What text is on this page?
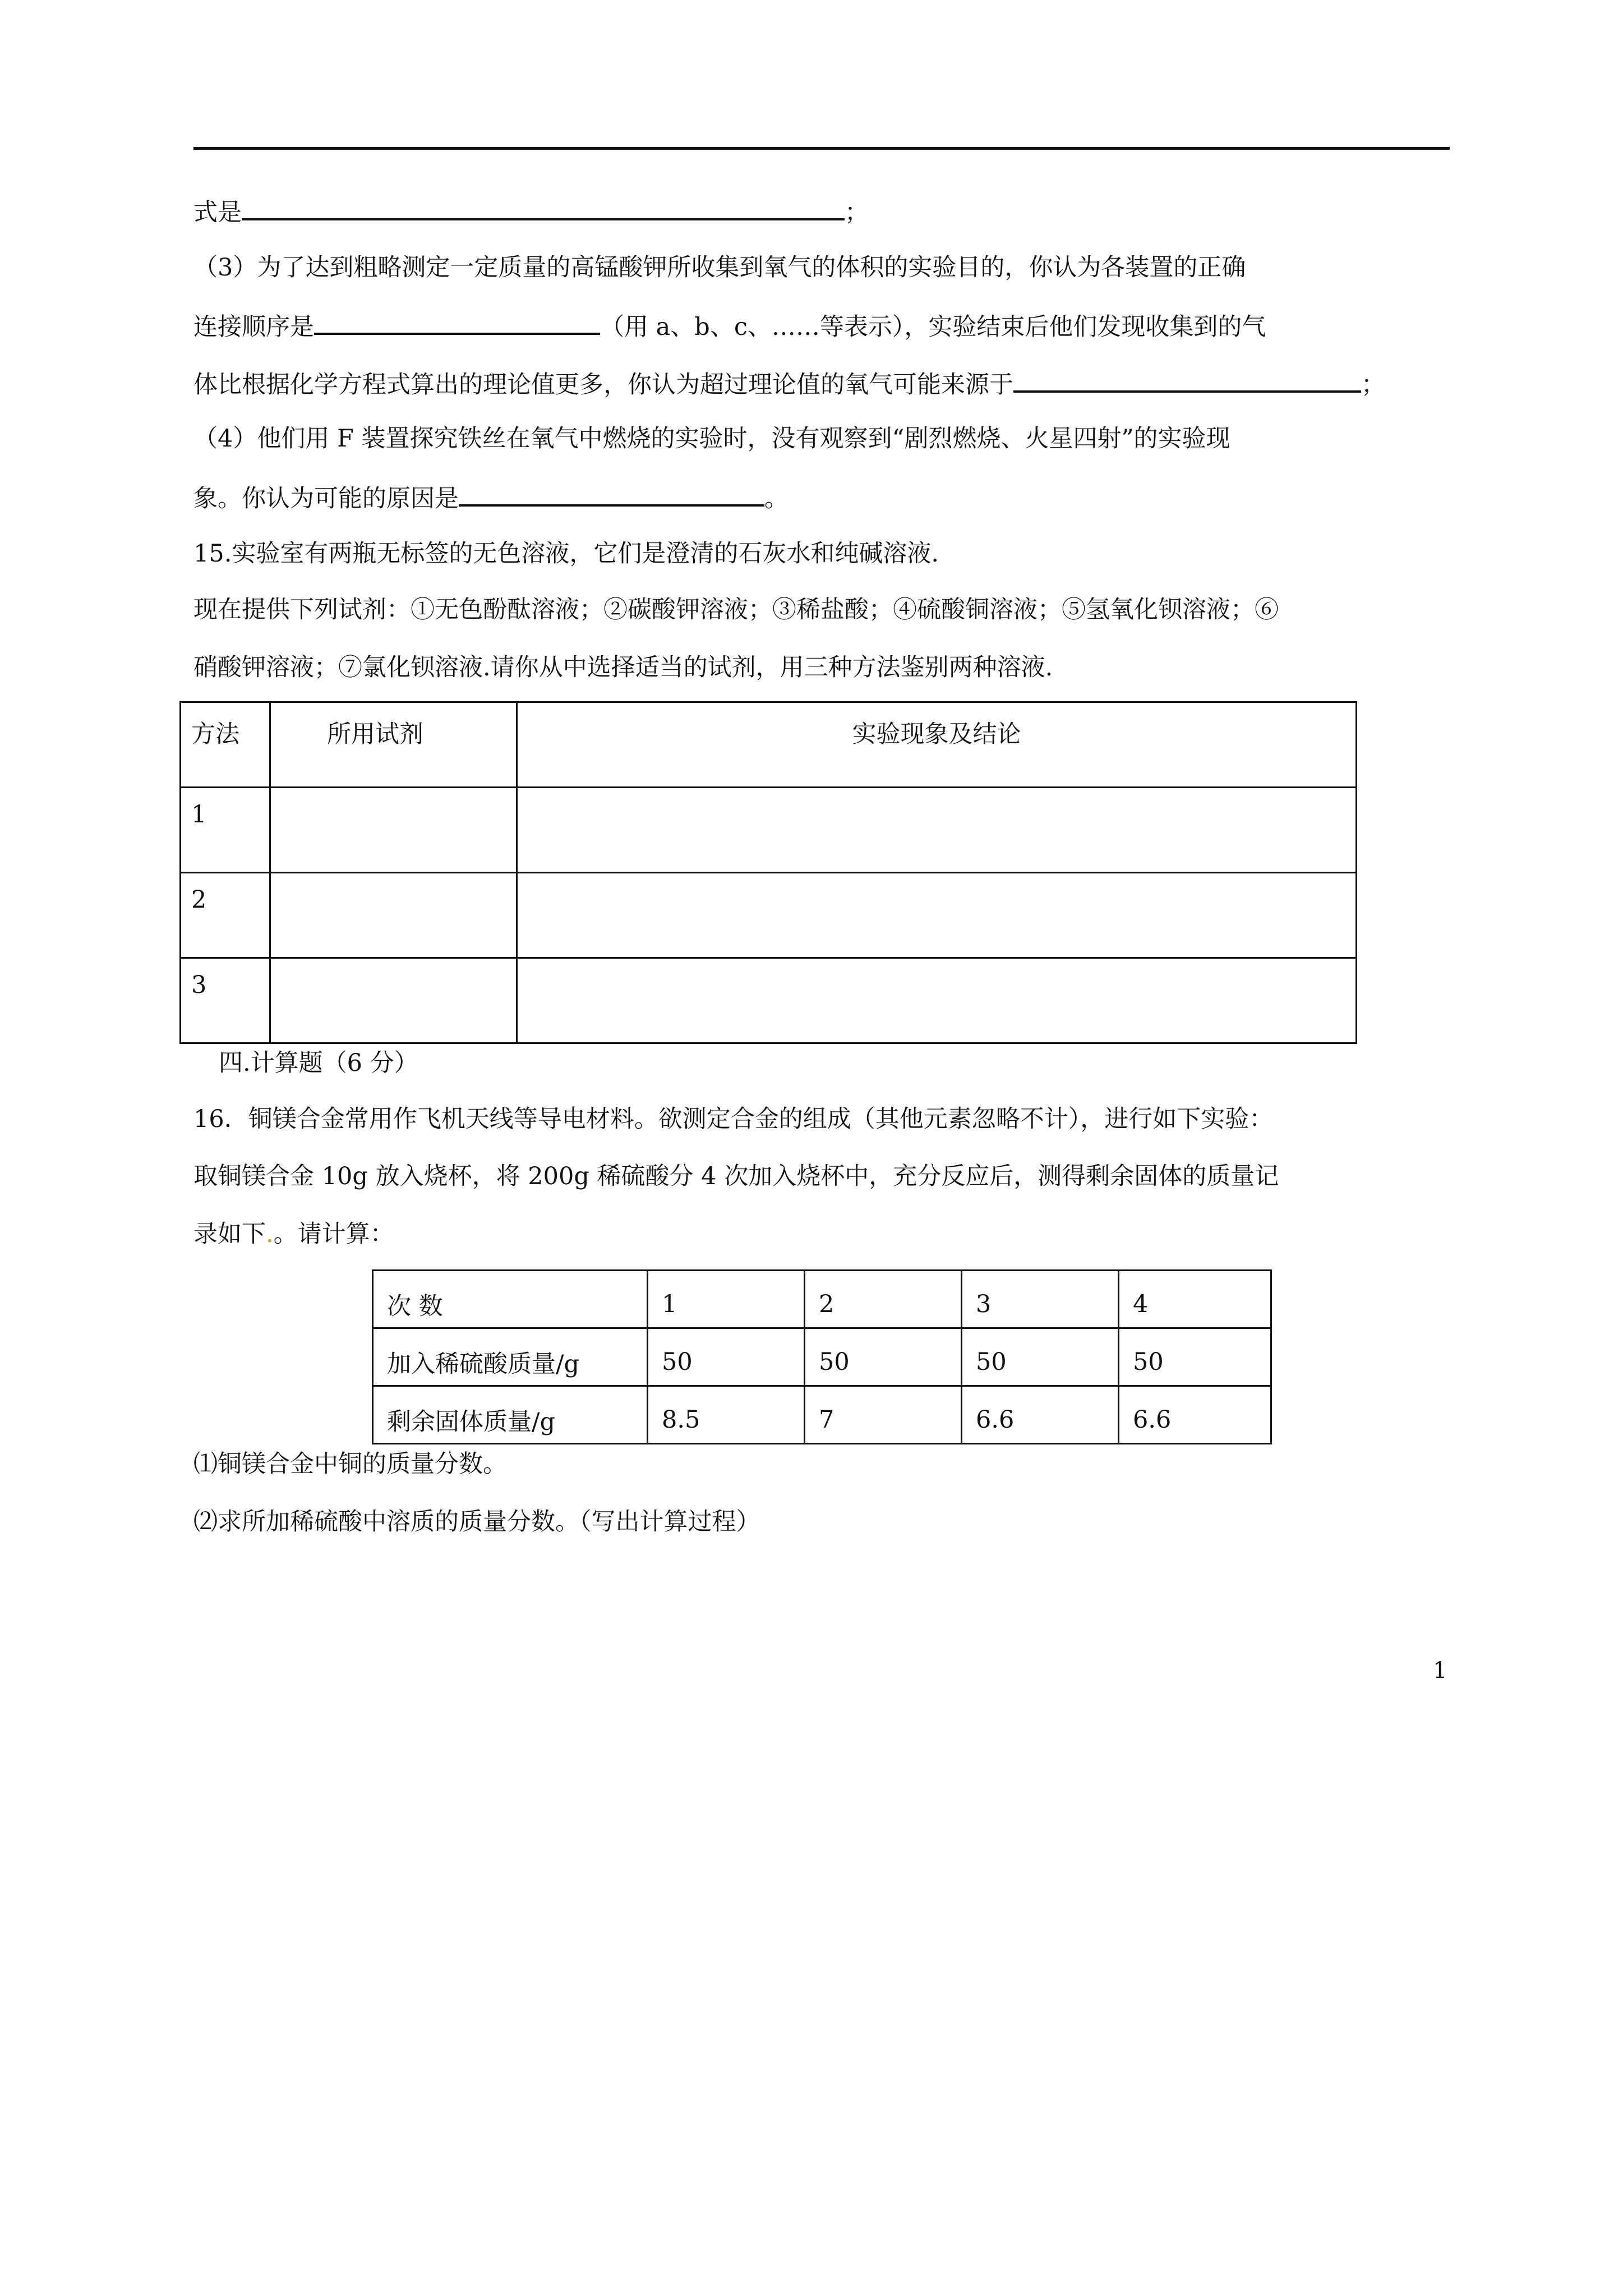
式是	；
（3）为了达到粗略测定一定质量的高锰酸钾所收集到氧气的体积的实验目的，你认为各装置的正确
连接顺序是	（用 a、b、c、……等表示），实验结束后他们发现收集到的气
体比根据化学方程式算出的理论值更多，你认为超过理论值的氧气可能来源于	；
（4）他们用 F 装置探究铁丝在氧气中燃烧的实验时，没有观察到“剧烈燃烧、火星四射”的实验现
象。你认为可能的原因是	。
15.实验室有两瓶无标签的无色溶液，它们是澄清的石灰水和纯碱溶液.
现在提供下列试剂：①无色酚酞溶液；②碳酸钾溶液；③稀盐酸；④硫酸铜溶液；⑤氢氧化钡溶液；⑥
硝酸钾溶液；⑦氯化钡溶液.请你从中选择适当的试剂，用三种方法鉴别两种溶液.
方法	所用试剂	实验现象及结论
1		
2		
3		
四.计算题（6 分）
16．铜镁合金常用作飞机天线等导电材料。欲测定合金的组成（其他元素忽略不计），进行如下实验：
取铜镁合金 10g 放入烧杯，将 200g 稀硫酸分 4 次加入烧杯中，充分反应后，测得剩余固体的质量记
录如下.。请计算：
次 数	1	2	3	4
加入稀硫酸质量/g	50	50	50	50
剩余固体质量/g	8.5	7	6.6	6.6
⑴铜镁合金中铜的质量分数。
⑵求所加稀硫酸中溶质的质量分数。（写出计算过程）
1
